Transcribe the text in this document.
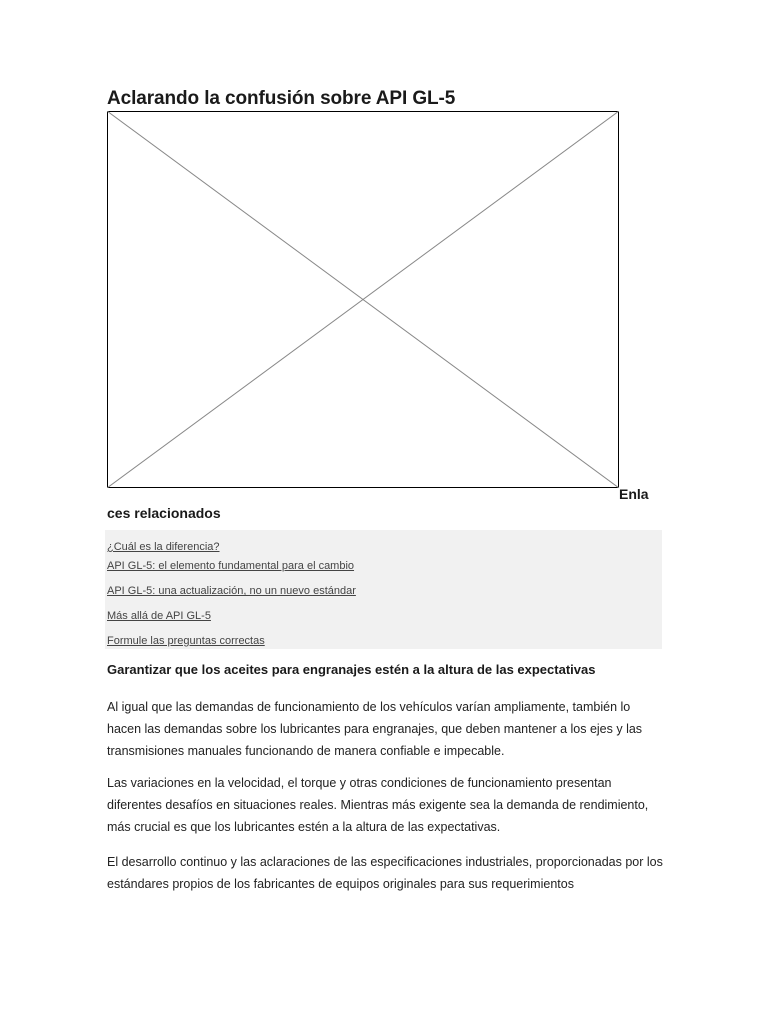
Aclarando la confusión sobre API GL-5
Enla
ces relacionados
¿Cuál es la diferencia?
API GL-5: el elemento fundamental para el cambio
API GL-5: una actualización, no un nuevo estándar
Más allá de API GL-5
Formule las preguntas correctas
Garantizar que los aceites para engranajes estén a la altura de las expectativas

Al igual que las demandas de funcionamiento de los vehículos varían ampliamente, también lo hacen las demandas sobre los lubricantes para engranajes, que deben mantener a los ejes y las transmisiones manuales funcionando de manera confiable e impecable.

Las variaciones en la velocidad, el torque y otras condiciones de funcionamiento presentan diferentes desafíos en situaciones reales. Mientras más exigente sea la demanda de rendimiento, más crucial es que los lubricantes estén a la altura de las expectativas.

El desarrollo continuo y las aclaraciones de las especificaciones industriales, proporcionadas por los estándares propios de los fabricantes de equipos originales para sus requerimientos
